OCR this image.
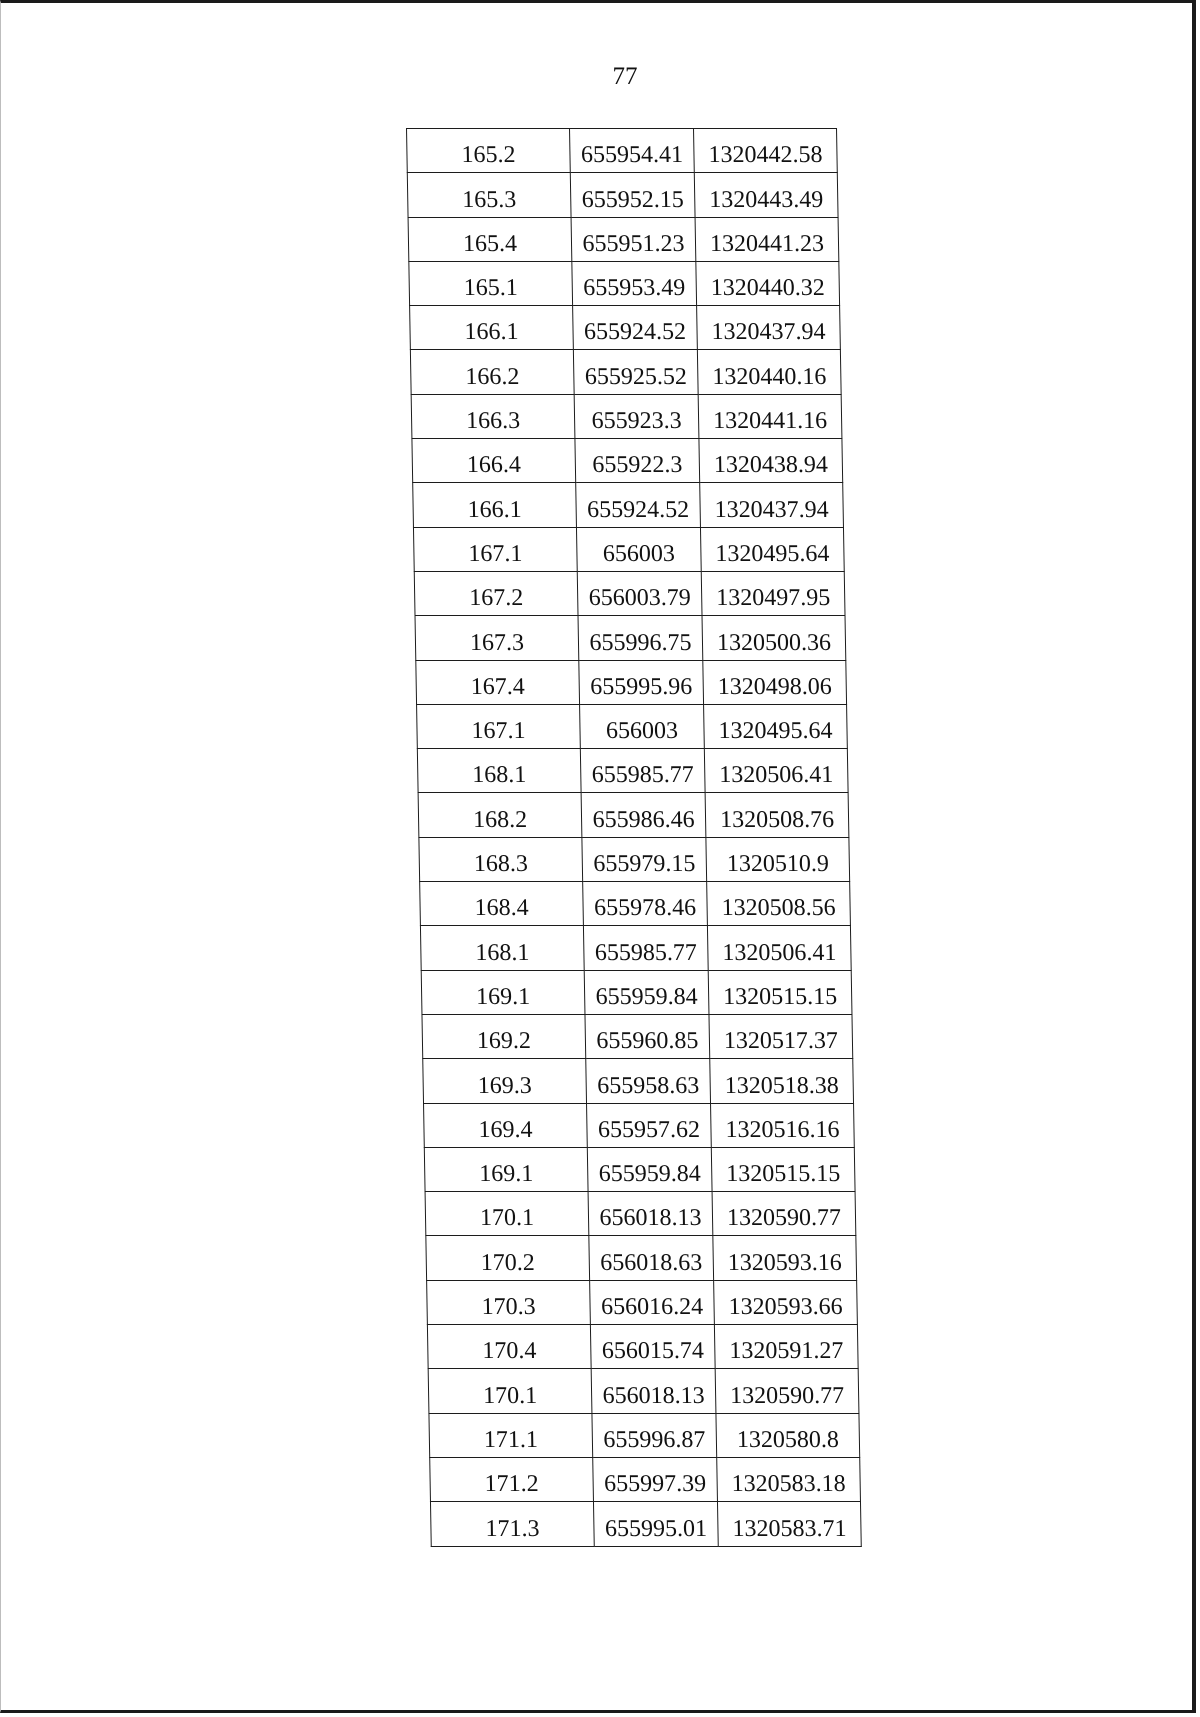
77
165.2	655954.41	1320442.58
165.3	655952.15	1320443.49
165.4	655951.23	1320441.23
165.1	655953.49	1320440.32
166.1	655924.52	1320437.94
166.2	655925.52	1320440.16
166.3	655923.3	1320441.16
166.4	655922.3	1320438.94
166.1	655924.52	1320437.94
167.1	656003	1320495.64
167.2	656003.79	1320497.95
167.3	655996.75	1320500.36
167.4	655995.96	1320498.06
167.1	656003	1320495.64
168.1	655985.77	1320506.41
168.2	655986.46	1320508.76
168.3	655979.15	1320510.9
168.4	655978.46	1320508.56
168.1	655985.77	1320506.41
169.1	655959.84	1320515.15
169.2	655960.85	1320517.37
169.3	655958.63	1320518.38
169.4	655957.62	1320516.16
169.1	655959.84	1320515.15
170.1	656018.13	1320590.77
170.2	656018.63	1320593.16
170.3	656016.24	1320593.66
170.4	656015.74	1320591.27
170.1	656018.13	1320590.77
171.1	655996.87	1320580.8
171.2	655997.39	1320583.18
171.3	655995.01	1320583.71
